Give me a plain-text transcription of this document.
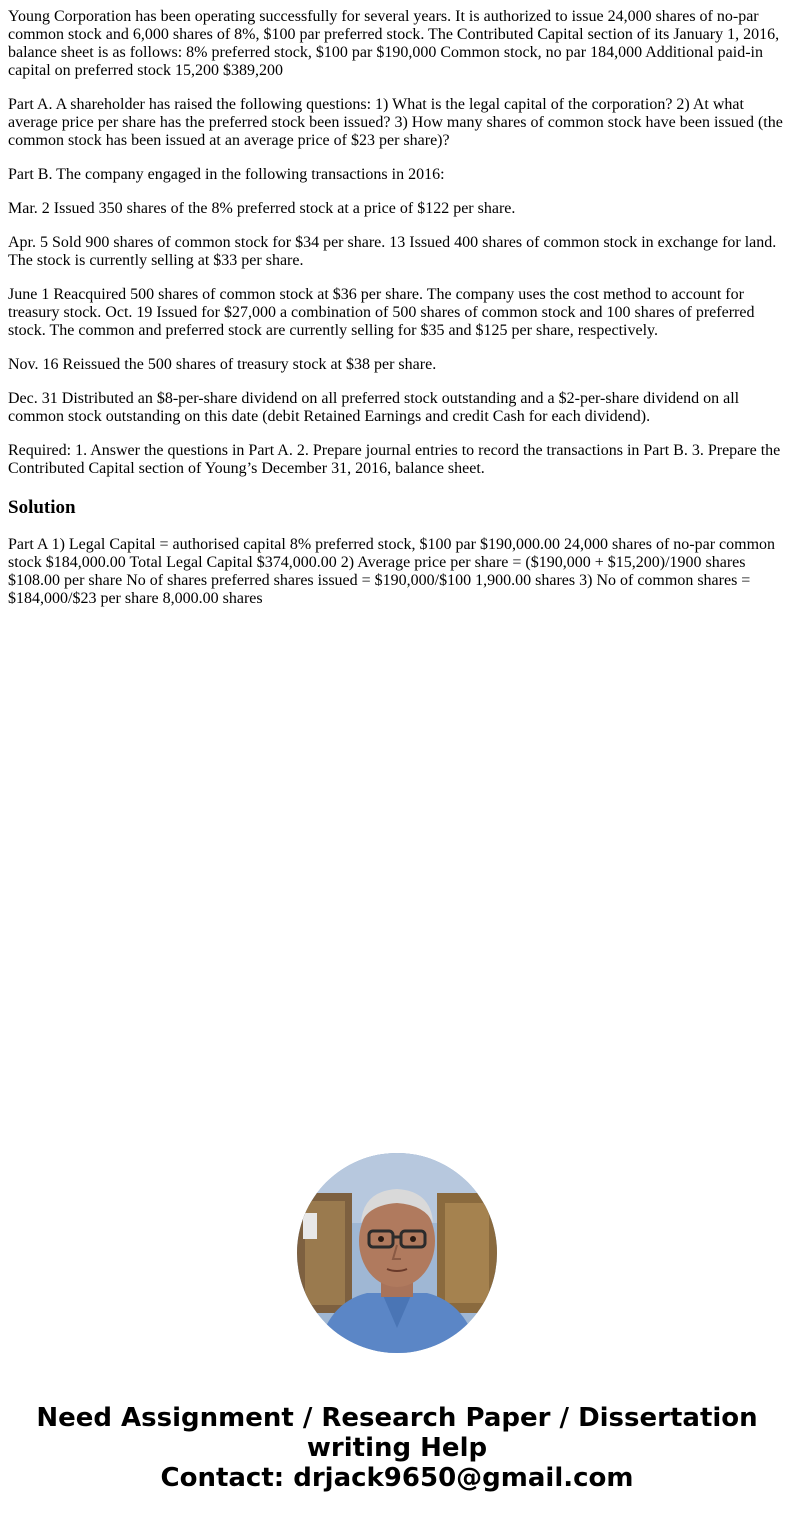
Young Corporation has been operating successfully for several years. It is authorized to issue 24,000 shares of no-par common stock and 6,000 shares of 8%, $100 par preferred stock. The Contributed Capital section of its January 1, 2016, balance sheet is as follows: 8% preferred stock, $100 par $190,000 Common stock, no par 184,000 Additional paid-in capital on preferred stock 15,200 $389,200

Part A. A shareholder has raised the following questions: 1) What is the legal capital of the corporation? 2) At what average price per share has the preferred stock been issued? 3) How many shares of common stock have been issued (the common stock has been issued at an average price of $23 per share)?

Part B. The company engaged in the following transactions in 2016:

Mar. 2 Issued 350 shares of the 8% preferred stock at a price of $122 per share.

Apr. 5 Sold 900 shares of common stock for $34 per share. 13 Issued 400 shares of common stock in exchange for land. The stock is currently selling at $33 per share.

June 1 Reacquired 500 shares of common stock at $36 per share. The company uses the cost method to account for treasury stock. Oct. 19 Issued for $27,000 a combination of 500 shares of common stock and 100 shares of preferred stock. The common and preferred stock are currently selling for $35 and $125 per share, respectively.

Nov. 16 Reissued the 500 shares of treasury stock at $38 per share.

Dec. 31 Distributed an $8-per-share dividend on all preferred stock outstanding and a $2-per-share dividend on all common stock outstanding on this date (debit Retained Earnings and credit Cash for each dividend).

Required: 1. Answer the questions in Part A. 2. Prepare journal entries to record the transactions in Part B. 3. Prepare the Contributed Capital section of Young’s December 31, 2016, balance sheet.

Solution

Part A 1) Legal Capital = authorised capital 8% preferred stock, $100 par $190,000.00 24,000 shares of no-par common stock $184,000.00 Total Legal Capital $374,000.00 2) Average price per share = ($190,000 + $15,200)/1900 shares $108.00 per share No of shares preferred shares issued = $190,000/$100 1,900.00 shares 3) No of common shares = $184,000/$23 per share 8,000.00 shares

Need Assignment / Research Paper / Dissertation
writing Help
Contact: drjack9650@gmail.com
